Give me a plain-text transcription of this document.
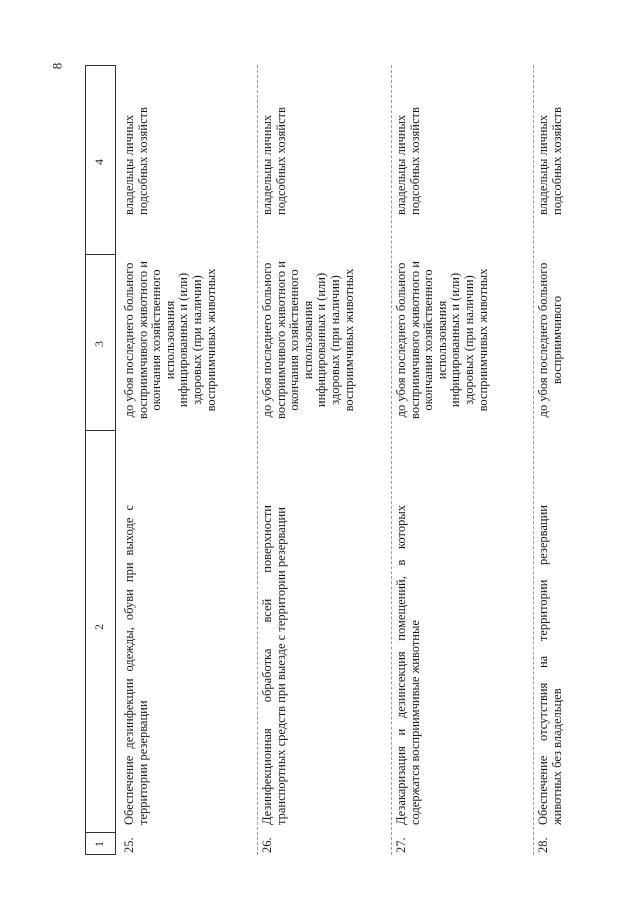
8
1
2
3
4
25.
Обеспечение дезинфекции одежды, обуви при выходе с территории резервации
до убоя последнего больного восприимчивого животного и окончания хозяйственного использования инфицированных и (или) здоровых (при наличии) восприимчивых животных
владельцы личных подсобных хозяйств
26.
Дезинфекционная обработка всей поверхности транспортных средств при выезде с территории резервации
до убоя последнего больного восприимчивого животного и окончания хозяйственного использования инфицированных и (или) здоровых (при наличии) восприимчивых животных
владельцы личных подсобных хозяйств
27.
Дезакаризация и дезинсекция помещений, в которых содержатся восприимчивые животные
до убоя последнего больного восприимчивого животного и окончания хозяйственного использования инфицированных и (или) здоровых (при наличии) восприимчивых животных
владельцы личных подсобных хозяйств
28.
Обеспечение отсутствия на территории резервации животных без владельцев
до убоя последнего больного восприимчивого
владельцы личных подсобных хозяйств
